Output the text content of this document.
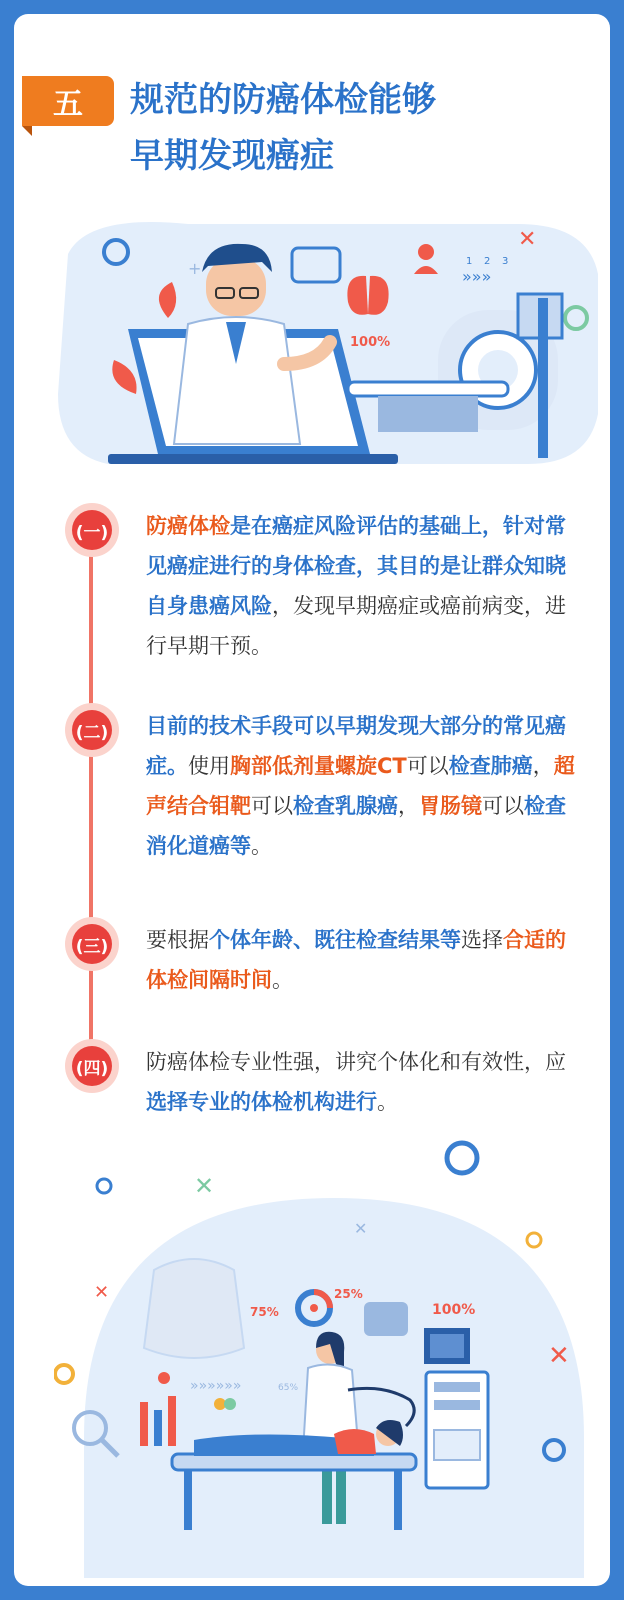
五 规范的防癌体检能够
早期发现癌症
✕
+
100%
1 2 3
»»»
(一) 防癌体检是在癌症风险评估的基础上，针对常见癌症进行的身体检查，其目的是让群众知晓自身患癌风险，发现早期癌症或癌前病变，进行早期干预。
(二) 目前的技术手段可以早期发现大部分的常见癌症。使用胸部低剂量螺旋CT可以检查肺癌，超声结合钼靶可以检查乳腺癌，胃肠镜可以检查消化道癌等。
(三) 要根据个体年龄、既往检查结果等选择合适的体检间隔时间。
(四) 防癌体检专业性强，讲究个体化和有效性，应选择专业的体检机构进行。
✕
✕
✕
✕
75%
25%
100%
»»»»»»	65%
